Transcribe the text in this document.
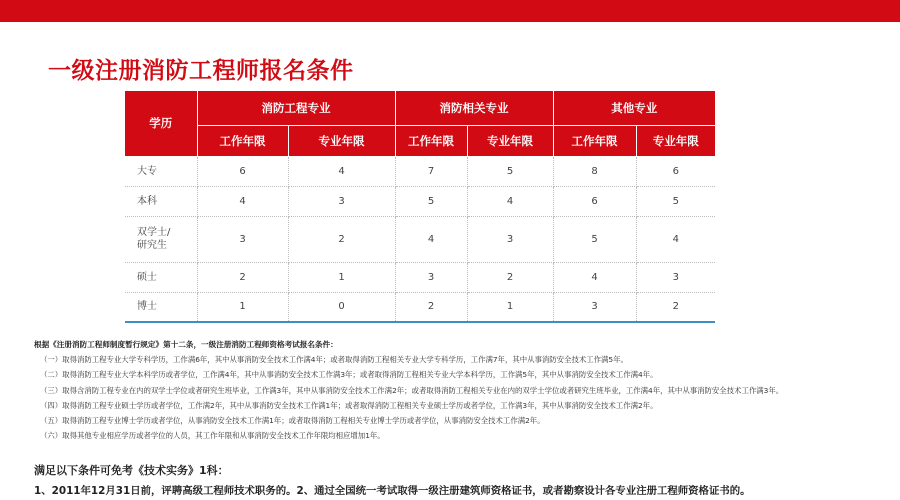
一级注册消防工程师报名条件
学历	消防工程专业		消防相关专业		其他专业	
	工作年限	专业年限	工作年限	专业年限	工作年限	专业年限
大专	6	4	7	5	8	6
本科	4	3	5	4	6	5

双学士/
研究生	3	2	4	3	5	4
硕士	2	1	3	2	4	3
博士	1	0	2	1	3	2
根据《注册消防工程师制度暂行规定》第十二条，一级注册消防工程师资格考试报名条件：
（一）取得消防工程专业大学专科学历，工作满6年，其中从事消防安全技术工作满4年；或者取得消防工程相关专业大学专科学历，工作满7年，其中从事消防安全技术工作满5年。
（二）取得消防工程专业大学本科学历或者学位，工作满4年，其中从事消防安全技术工作满3年；或者取得消防工程相关专业大学本科学历，工作满5年，其中从事消防安全技术工作满4年。
（三）取得含消防工程专业在内的双学士学位或者研究生班毕业，工作满3年，其中从事消防安全技术工作满2年；或者取得消防工程相关专业在内的双学士学位或者研究生班毕业，工作满4年，其中从事消防安全技术工作满3年。
（四）取得消防工程专业硕士学历或者学位，工作满2年，其中从事消防安全技术工作满1年；或者取得消防工程相关专业硕士学历或者学位，工作满3年，其中从事消防安全技术工作满2年。
（五）取得消防工程专业博士学历或者学位，从事消防安全技术工作满1年；或者取得消防工程相关专业博士学历或者学位，从事消防安全技术工作满2年。
（六）取得其他专业相应学历或者学位的人员，其工作年限和从事消防安全技术工作年限均相应增加1年。
满足以下条件可免考《技术实务》1科：
1、2011年12月31日前，评聘高级工程师技术职务的。2、通过全国统一考试取得一级注册建筑师资格证书，或者勘察设计各专业注册工程师资格证书的。
